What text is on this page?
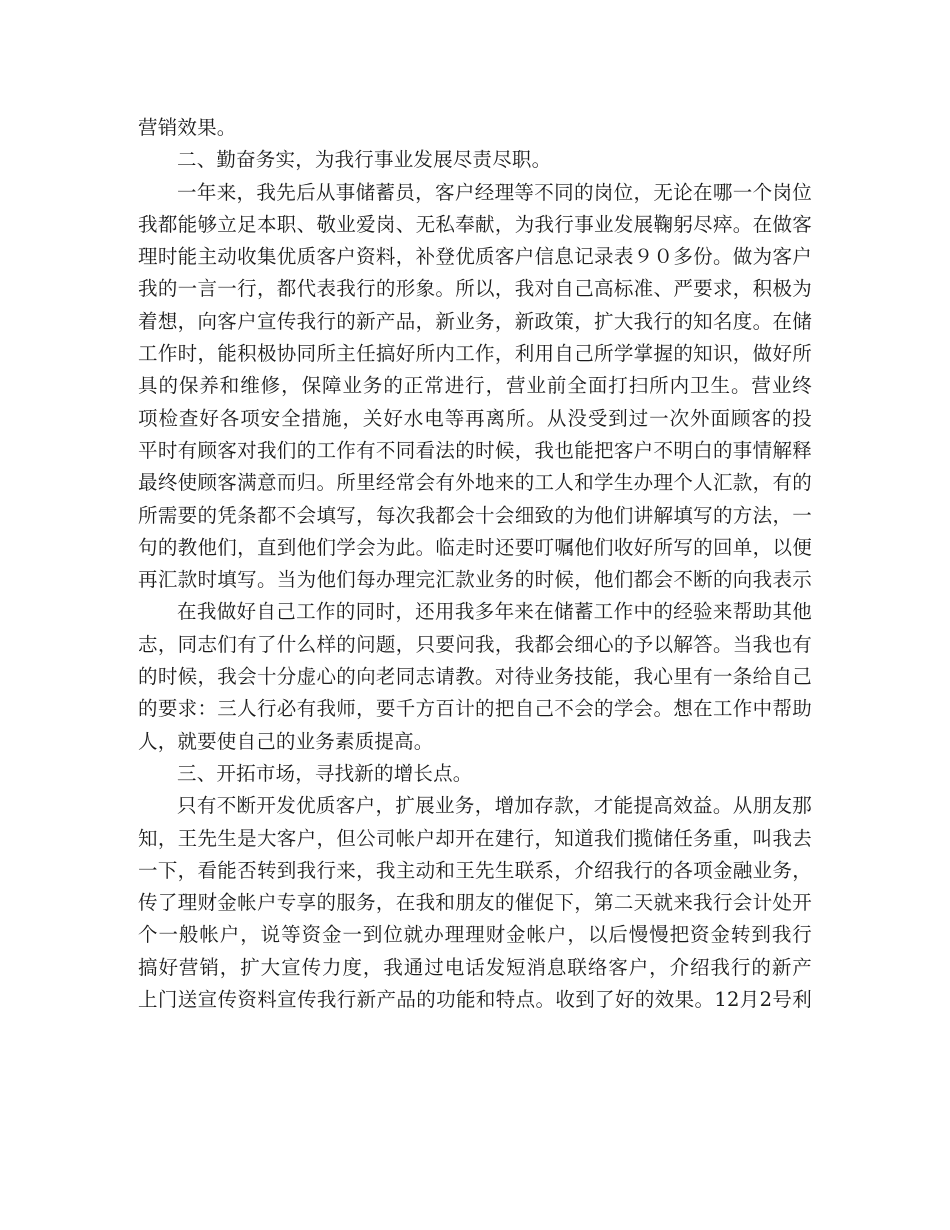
营销效果。
二、勤奋务实，为我行事业发展尽责尽职。
一年来，我先后从事储蓄员，客户经理等不同的岗位，无论在哪一个岗位
我都能够立足本职、敬业爱岗、无私奉献，为我行事业发展鞠躬尽瘁。在做客
理时能主动收集优质客户资料，补登优质客户信息记录表９０多份。做为客户
我的一言一行，都代表我行的形象。所以，我对自己高标准、严要求，积极为
着想，向客户宣传我行的新产品，新业务，新政策，扩大我行的知名度。在储
工作时，能积极协同所主任搞好所内工作，利用自己所学掌握的知识，做好所
具的保养和维修，保障业务的正常进行，营业前全面打扫所内卫生。营业终
项检查好各项安全措施，关好水电等再离所。从没受到过一次外面顾客的投
平时有顾客对我们的工作有不同看法的时候，我也能把客户不明白的事情解释
最终使顾客满意而归。所里经常会有外地来的工人和学生办理个人汇款，有的
所需要的凭条都不会填写，每次我都会十会细致的为他们讲解填写的方法，一
句的教他们，直到他们学会为此。临走时还要叮嘱他们收好所写的回单，以便
再汇款时填写。当为他们每办理完汇款业务的时候，他们都会不断的向我表示
在我做好自己工作的同时，还用我多年来在储蓄工作中的经验来帮助其他
志，同志们有了什么样的问题，只要问我，我都会细心的予以解答。当我也有
的时候，我会十分虚心的向老同志请教。对待业务技能，我心里有一条给自己
的要求：三人行必有我师，要千方百计的把自己不会的学会。想在工作中帮助
人，就要使自己的业务素质提高。
三、开拓市场，寻找新的增长点。
只有不断开发优质客户，扩展业务，增加存款，才能提高效益。从朋友那
知，王先生是大客户，但公司帐户却开在建行，知道我们揽储任务重，叫我去
一下，看能否转到我行来，我主动和王先生联系，介绍我行的各项金融业务，
传了理财金帐户专享的服务，在我和朋友的催促下，第二天就来我行会计处开
个一般帐户，说等资金一到位就办理理财金帐户，以后慢慢把资金转到我行
搞好营销，扩大宣传力度，我通过电话发短消息联络客户，介绍我行的新产
上门送宣传资料宣传我行新产品的功能和特点。收到了好的效果。12月2号利
